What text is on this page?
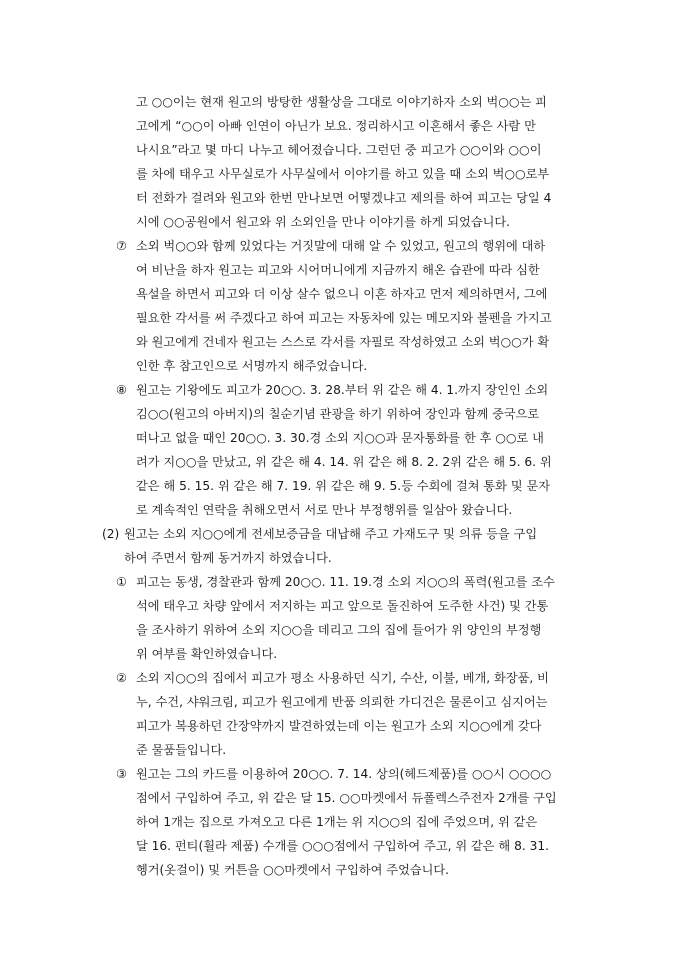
고 ○○이는 현재 원고의 방탕한 생활상을 그대로 이야기하자 소외 벅○○는 피
고에게 “○○이 아빠 인연이 아닌가 보요. 정리하시고 이혼해서 좋은 사람 만
나시요”라고 몇 마디 나누고 헤어졌습니다. 그런던 중 피고가 ○○이와 ○○이
를 차에 태우고 사무실로가 사무실에서 이야기를 하고 있을 때 소외 벅○○로부
터 전화가 걸려와 원고와 한번 만나보면 어떻겠냐고 제의를 하여 피고는 당일 4
시에 ○○공원에서 원고와 위 소외인을 만나 이야기를 하게 되었습니다.
⑦ 소외 벅○○와 함께 있었다는 거짓말에 대해 알 수 있었고, 원고의 행위에 대하
여 비난을 하자 원고는 피고와 시어머니에게 지금까지 해온 습관에 따라 심한
욕설을 하면서 피고와 더 이상 살수 없으니 이혼 하자고 먼저 제의하면서, 그에
필요한 각서를 써 주겠다고 하여 피고는 자동차에 있는 메모지와 볼펜을 가지고
와 원고에게 건네자 원고는 스스로 각서를 자필로 작성하였고 소외 벅○○가 확
인한 후 참고인으로 서명까지 해주었습니다.
⑧ 원고는 기왕에도 피고가 20○○. 3. 28.부터 위 같은 해 4. 1.까지 장인인 소외
김○○(원고의 아버지)의 칠순기념 관광을 하기 위하여 장인과 함께 중국으로
떠나고 없을 때인 20○○. 3. 30.경 소외 지○○과 문자통화를 한 후 ○○로 내
려가 지○○을 만났고, 위 같은 해 4. 14. 위 같은 해 8. 2. 2위 같은 해 5. 6. 위
같은 해 5. 15. 위 같은 해 7. 19. 위 같은 해 9. 5.등 수회에 걸쳐 통화 및 문자
로 계속적인 연락을 취해오면서 서로 만나 부정행위를 일삼아 왔습니다.
(2) 원고는 소외 지○○에게 전세보증금을 대납해 주고 가재도구 및 의류 등을 구입
하여 주면서 함께 동거까지 하였습니다.
① 피고는 동생, 경찰관과 함께 20○○. 11. 19.경 소외 지○○의 폭력(원고를 조수
석에 태우고 차량 앞에서 저지하는 피고 앞으로 돌진하여 도주한 사건) 및 간통
을 조사하기 위하여 소외 지○○을 데리고 그의 집에 들어가 위 양인의 부정행
위 여부를 확인하였습니다.
② 소외 지○○의 집에서 피고가 평소 사용하던 식기, 수산, 이불, 베개, 화장품, 비
누, 수건, 샤워크림, 피고가 원고에게 반품 의뢰한 가디건은 물론이고 심지어는
피고가 복용하던 간장약까지 발견하였는데 이는 원고가 소외 지○○에게 갖다
준 물품들입니다.
③ 원고는 그의 카드를 이용하여 20○○. 7. 14. 상의(헤드제품)를 ○○시 ○○○○
점에서 구입하여 주고, 위 같은 달 15. ○○마켓에서 듀폴렉스주전자 2개를 구입
하여 1개는 집으로 가져오고 다른 1개는 위 지○○의 집에 주었으며, 위 같은
달 16. 펀티(휠라 제품) 수개를 ○○○점에서 구입하여 주고, 위 같은 해 8. 31.
헹거(옷걸이) 및 커튼을 ○○마켓에서 구입하여 주었습니다.
